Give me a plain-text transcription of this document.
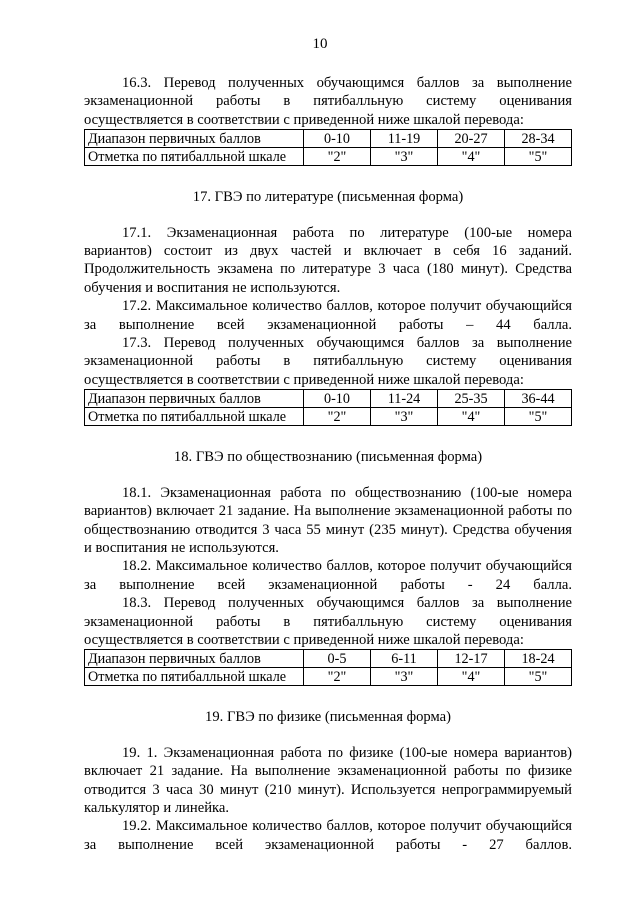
10

16.3. Перевод полученных обучающимся баллов за выполнение экзаменационной работы в пятибалльную систему оценивания осуществляется в соответствии с приведенной ниже шкалой перевода:

Диапазон первичных баллов	0-10	11-19	20-27	28-34
Отметка по пятибалльной шкале	"2"	"3"	"4"	"5"
17. ГВЭ по литературе (письменная форма)

17.1. Экзаменационная работа по литературе (100-ые номера вариантов) состоит из двух частей и включает в себя 16 заданий. Продолжительность экзамена по литературе 3 часа (180 минут). Средства обучения и воспитания не используются.

17.2. Максимальное количество баллов, которое получит обучающийся за выполнение всей экзаменационной работы – 44 балла.

17.3. Перевод полученных обучающимся баллов за выполнение экзаменационной работы в пятибалльную систему оценивания осуществляется в соответствии с приведенной ниже шкалой перевода:

Диапазон первичных баллов	0-10	11-24	25-35	36-44
Отметка по пятибалльной шкале	"2"	"3"	"4"	"5"
18. ГВЭ по обществознанию (письменная форма)

18.1. Экзаменационная работа по обществознанию (100-ые номера вариантов) включает 21 задание. На выполнение экзаменационной работы по обществознанию отводится 3 часа 55 минут (235 минут). Средства обучения и воспитания не используются.

18.2. Максимальное количество баллов, которое получит обучающийся за выполнение всей экзаменационной работы - 24 балла.

18.3. Перевод полученных обучающимся баллов за выполнение экзаменационной работы в пятибалльную систему оценивания осуществляется в соответствии с приведенной ниже шкалой перевода:

Диапазон первичных баллов	0-5	6-11	12-17	18-24
Отметка по пятибалльной шкале	"2"	"3"	"4"	"5"
19. ГВЭ по физике (письменная форма)

19. 1. Экзаменационная работа по физике (100-ые номера вариантов) включает 21 задание. На выполнение экзаменационной работы по физике отводится 3 часа 30 минут (210 минут). Используется непрограммируемый калькулятор и линейка.

19.2. Максимальное количество баллов, которое получит обучающийся за выполнение всей экзаменационной работы - 27 баллов.
